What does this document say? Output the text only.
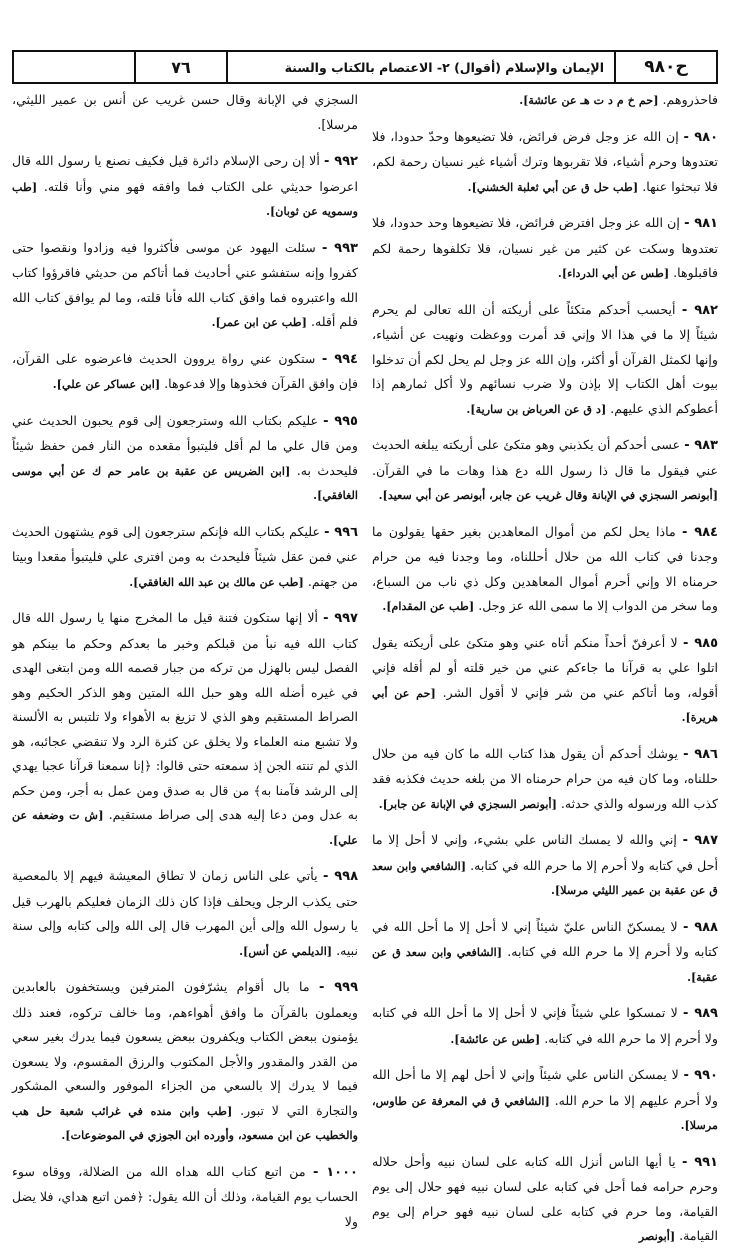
ح٩٨٠
الإيمان والإسلام (أقوال) ٢- الاعتصام بالكتاب والسنة
٧٦

فاحذروهم. [حم خ م د ت هـ عن عائشة].

٩٨٠ - إن الله عز وجل فرض فرائض، فلا تضيعوها وحدّ حدودا، فلا تعتدوها وحرم أشياء، فلا تقربوها وترك أشياء غير نسيان رحمة لكم، فلا تبحثوا عنها. [طب حل ق عن أبي ثعلبة الخشني].

٩٨١ - إن الله عز وجل افترض فرائض، فلا تضيعوها وحد حدودا، فلا تعتدوها وسكت عن كثير من غير نسيان، فلا تكلفوها رحمة لكم فاقبلوها. [طس عن أبي الدرداء].

٩٨٢ - أيحسب أحدكم متكئاً على أريكته أن الله تعالى لم يحرم شيئاً إلا ما في هذا الا وإني قد أمرت ووعظت ونهيت عن أشياء، وإنها لكمثل القرآن أو أكثر، وإن الله عز وجل لم يحل لكم أن تدخلوا بيوت أهل الكتاب إلا بإذن ولا ضرب نسائهم ولا أكل ثمارهم إذا أعطوكم الذي عليهم. [د ق عن العرباض بن سارية].

٩٨٣ - عسى أحدكم أن يكذبني وهو متكئ على أريكته يبلغه الحديث عني فيقول ما قال ذا رسول الله دع هذا وهات ما في القرآن. [أبونصر السجزي في الإبانة وقال غريب عن جابر، أبونصر عن أبي سعيد].

٩٨٤ - ماذا يحل لكم من أموال المعاهدين بغير حقها يقولون ما وجدنا في كتاب الله من حلال أحللناه، وما وجدنا فيه من حرام حرمناه الا وإني أحرم أموال المعاهدين وكل ذي ناب من السباع، وما سخر من الدواب إلا ما سمى الله عز وجل. [طب عن المقدام].

٩٨٥ - لا أعرفنّ أحداً منكم أتاه عني وهو متكئ على أريكته يقول اتلوا علي به قرآنا ما جاءكم عني من خير قلته أو لم أقله فإني أقوله، وما أتاكم عني من شر فإني لا أقول الشر. [حم عن أبي هريرة].

٩٨٦ - يوشك أحدكم أن يقول هذا كتاب الله ما كان فيه من حلال حللناه، وما كان فيه من حرام حرمناه الا من بلغه حديث فكذبه فقد كذب الله ورسوله والذي حدثه. [أبونصر السجزي في الإبانة عن جابر].

٩٨٧ - إني والله لا يمسك الناس علي بشيء، وإني لا أحل إلا ما أحل في كتابه ولا أحرم إلا ما حرم الله في كتابه. [الشافعي وابن سعد ق عن عقبة بن عمير الليثي مرسلا].

٩٨٨ - لا يمسكنّ الناس عليّ شيئاً إني لا أحل إلا ما أحل الله في كتابه ولا أحرم إلا ما حرم الله في كتابه. [الشافعي وابن سعد ق عن عقبة].

٩٨٩ - لا تمسكوا علي شيئاً فإني لا أحل إلا ما أحل الله في كتابه ولا أحرم إلا ما حرم الله في كتابه. [طس عن عائشة].

٩٩٠ - لا يمسكن الناس علي شيئاً وإني لا أحل لهم إلا ما أحل الله ولا أحرم عليهم إلا ما حرم الله. [الشافعي ق في المعرفة عن طاوس، مرسلا].

٩٩١ - يا أيها الناس أنزل الله كتابه على لسان نبيه وأحل حلاله وحرم حرامه فما أحل في كتابه على لسان نبيه فهو حلال إلى يوم القيامة، وما حرم في كتابه على لسان نبيه فهو حرام إلى يوم القيامة. [أبونصر

السجزي في الإبانة وقال حسن غريب عن أنس بن عمير الليثي، مرسلا].

٩٩٢ - ألا إن رحى الإسلام دائرة قيل فكيف نصنع يا رسول الله قال اعرضوا حديثي على الكتاب فما وافقه فهو مني وأنا قلته. [طب وسمويه عن ثوبان].

٩٩٣ - سئلت اليهود عن موسى فأكثروا فيه وزادوا ونقصوا حتى كفروا وإنه ستفشو عني أحاديث فما أتاكم من حديثي فاقرؤوا كتاب الله واعتبروه فما وافق كتاب الله فأنا قلته، وما لم يوافق كتاب الله فلم أقله. [طب عن ابن عمر].

٩٩٤ - ستكون عني رواة يروون الحديث فاعرضوه على القرآن، فإن وافق القرآن فخذوها وإلا فدعوها. [ابن عساكر عن علي].

٩٩٥ - عليكم بكتاب الله وسترجعون إلى قوم يحبون الحديث عني ومن قال علي ما لم أقل فليتبوأ مقعده من النار فمن حفظ شيئاً فليحدث به. [ابن الضريس عن عقبة بن عامر حم ك عن أبي موسى الغافقي].

٩٩٦ - عليكم بكتاب الله فإنكم سترجعون إلى قوم يشتهون الحديث عني فمن عقل شيئاً فليحدث به ومن افترى علي فليتبوأ مقعدا وبيتا من جهنم. [طب عن مالك بن عبد الله الغافقي].

٩٩٧ - ألا إنها ستكون فتنة قيل ما المخرج منها يا رسول الله قال كتاب الله فيه نبأ من قبلكم وخبر ما بعدكم وحكم ما بينكم هو الفصل ليس بالهزل من تركه من جبار قصمه الله ومن ابتغى الهدى في غيره أضله الله وهو حبل الله المتين وهو الذكر الحكيم وهو الصراط المستقيم وهو الذي لا تزيغ به الأهواء ولا تلتبس به الألسنة ولا تشبع منه العلماء ولا يخلق عن كثرة الرد ولا تنقضي عجائبه، هو الذي لم تنته الجن إذ سمعته حتى قالوا: ﴿إنا سمعنا قرآنا عجبا يهدي إلى الرشد فآمنا به﴾ من قال به صدق ومن عمل به أجر، ومن حكم به عدل ومن دعا إليه هدى إلى صراط مستقيم. [ش ت وضعفه عن علي].

٩٩٨ - يأتي على الناس زمان لا تطاق المعيشة فيهم إلا بالمعصية حتى يكذب الرجل ويحلف فإذا كان ذلك الزمان فعليكم بالهرب قيل يا رسول الله وإلى أين المهرب قال إلى الله وإلى كتابه وإلى سنة نبيه. [الديلمي عن أنس].

٩٩٩ - ما بال أقوام يشرّفون المترفين ويستخفون بالعابدين ويعملون بالقرآن ما وافق أهواءهم، وما خالف تركوه، فعند ذلك يؤمنون ببعض الكتاب ويكفرون ببعض يسعون فيما يدرك بغير سعي من القدر والمقدور والأجل المكتوب والرزق المقسوم، ولا يسعون فيما لا يدرك إلا بالسعي من الجزاء الموفور والسعي المشكور والتجارة التي لا تبور. [طب وابن منده في غرائب شعبة حل هب والخطيب عن ابن مسعود، وأورده ابن الجوزي في الموضوعات].

١٠٠٠ - من اتبع كتاب الله هداه الله من الضلالة، ووقاه سوء الحساب يوم القيامة، وذلك أن الله يقول: ﴿فمن اتبع هداي، فلا يضل ولا
